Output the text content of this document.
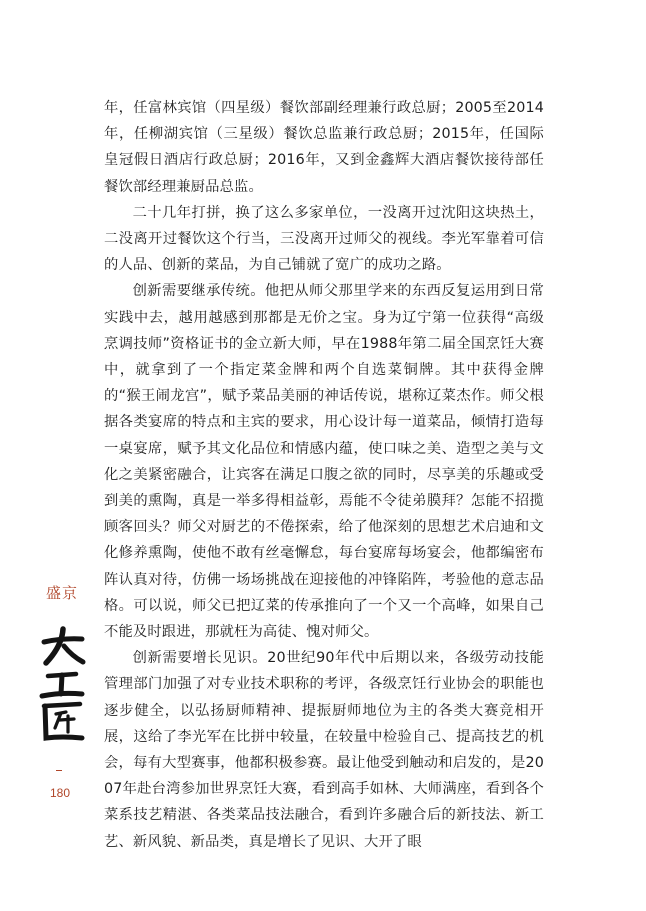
年，任富林宾馆（四星级）餐饮部副经理兼行政总厨；2005至2014年，任柳湖宾馆（三星级）餐饮总监兼行政总厨；2015年，任国际皇冠假日酒店行政总厨；2016年，又到金鑫辉大酒店餐饮接待部任餐饮部经理兼厨品总监。

二十几年打拼，换了这么多家单位，一没离开过沈阳这块热土，二没离开过餐饮这个行当，三没离开过师父的视线。李光军靠着可信的人品、创新的菜品，为自己铺就了宽广的成功之路。

创新需要继承传统。他把从师父那里学来的东西反复运用到日常实践中去，越用越感到那都是无价之宝。身为辽宁第一位获得“高级烹调技师”资格证书的金立新大师，早在1988年第二届全国烹饪大赛中，就拿到了一个指定菜金牌和两个自选菜铜牌。其中获得金牌的“猴王闹龙宫”，赋予菜品美丽的神话传说，堪称辽菜杰作。师父根据各类宴席的特点和主宾的要求，用心设计每一道菜品，倾情打造每一桌宴席，赋予其文化品位和情感内蕴，使口味之美、造型之美与文化之美紧密融合，让宾客在满足口腹之欲的同时，尽享美的乐趣或受到美的熏陶，真是一举多得相益彰，焉能不令徒弟膜拜？怎能不招揽顾客回头？师父对厨艺的不倦探索，给了他深刻的思想艺术启迪和文化修养熏陶，使他不敢有丝毫懈怠，每台宴席每场宴会，他都编密布阵认真对待，仿佛一场场挑战在迎接他的冲锋陷阵，考验他的意志品格。可以说，师父已把辽菜的传承推向了一个又一个高峰，如果自己不能及时跟进，那就枉为高徒、愧对师父。

创新需要增长见识。20世纪90年代中后期以来，各级劳动技能管理部门加强了对专业技术职称的考评，各级烹饪行业协会的职能也逐步健全，以弘扬厨师精神、提振厨师地位为主的各类大赛竞相开展，这给了李光军在比拼中较量，在较量中检验自己、提高技艺的机会，每有大型赛事，他都积极参赛。最让他受到触动和启发的，是2007年赴台湾参加世界烹饪大赛，看到高手如林、大师满座，看到各个菜系技艺精湛、各类菜品技法融合，看到许多融合后的新技法、新工艺、新风貌、新品类，真是增长了见识、大开了眼

盛京
180
